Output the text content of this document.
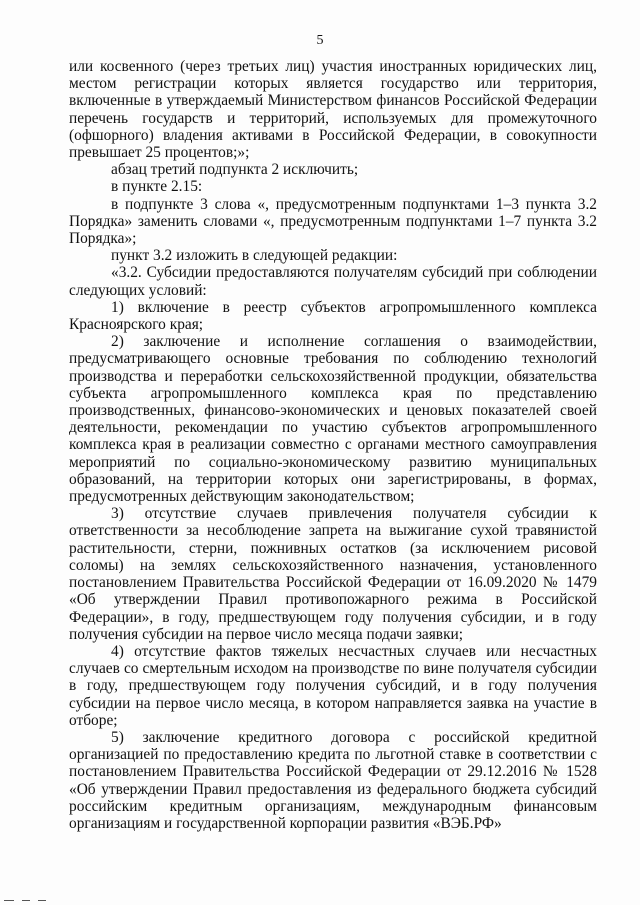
5

или косвенного (через третьих лиц) участия иностранных юридических лиц, местом регистрации которых является государство или территория, включенные в утверждаемый Министерством финансов Российской Федерации перечень государств и территорий, используемых для промежуточного (офшорного) владения активами в Российской Федерации, в совокупности превышает 25 процентов;»;

абзац третий подпункта 2 исключить;

в пункте 2.15:

в подпункте 3 слова «, предусмотренным подпунктами 1–3 пункта 3.2 Порядка» заменить словами «, предусмотренным подпунктами 1–7 пункта 3.2 Порядка»;

пункт 3.2 изложить в следующей редакции:

«3.2. Субсидии предоставляются получателям субсидий при соблюдении следующих условий:

1) включение в реестр субъектов агропромышленного комплекса Красноярского края;

2) заключение и исполнение соглашения о взаимодействии, предусматривающего основные требования по соблюдению технологий производства и переработки сельскохозяйственной продукции, обязательства субъекта агропромышленного комплекса края по представлению производственных, финансово-экономических и ценовых показателей своей деятельности, рекомендации по участию субъектов агропромышленного комплекса края в реализации совместно с органами местного самоуправления мероприятий по социально-экономическому развитию муниципальных образований, на территории которых они зарегистрированы, в формах, предусмотренных действующим законодательством;

3) отсутствие случаев привлечения получателя субсидии к ответственности за несоблюдение запрета на выжигание сухой травянистой растительности, стерни, пожнивных остатков (за исключением рисовой соломы) на землях сельскохозяйственного назначения, установленного постановлением Правительства Российской Федерации от 16.09.2020 № 1479 «Об утверждении Правил противопожарного режима в Российской Федерации», в году, предшествующем году получения субсидии, и в году получения субсидии на первое число месяца подачи заявки;

4) отсутствие фактов тяжелых несчастных случаев или несчастных случаев со смертельным исходом на производстве по вине получателя субсидии в году, предшествующем году получения субсидий, и в году получения субсидии на первое число месяца, в котором направляется заявка на участие в отборе;

5) заключение кредитного договора с российской кредитной организацией по предоставлению кредита по льготной ставке в соответствии с постановлением Правительства Российской Федерации от 29.12.2016 № 1528 «Об утверждении Правил предоставления из федерального бюджета субсидий российским кредитным организациям, международным финансовым организациям и государственной корпорации развития «ВЭБ.РФ»
